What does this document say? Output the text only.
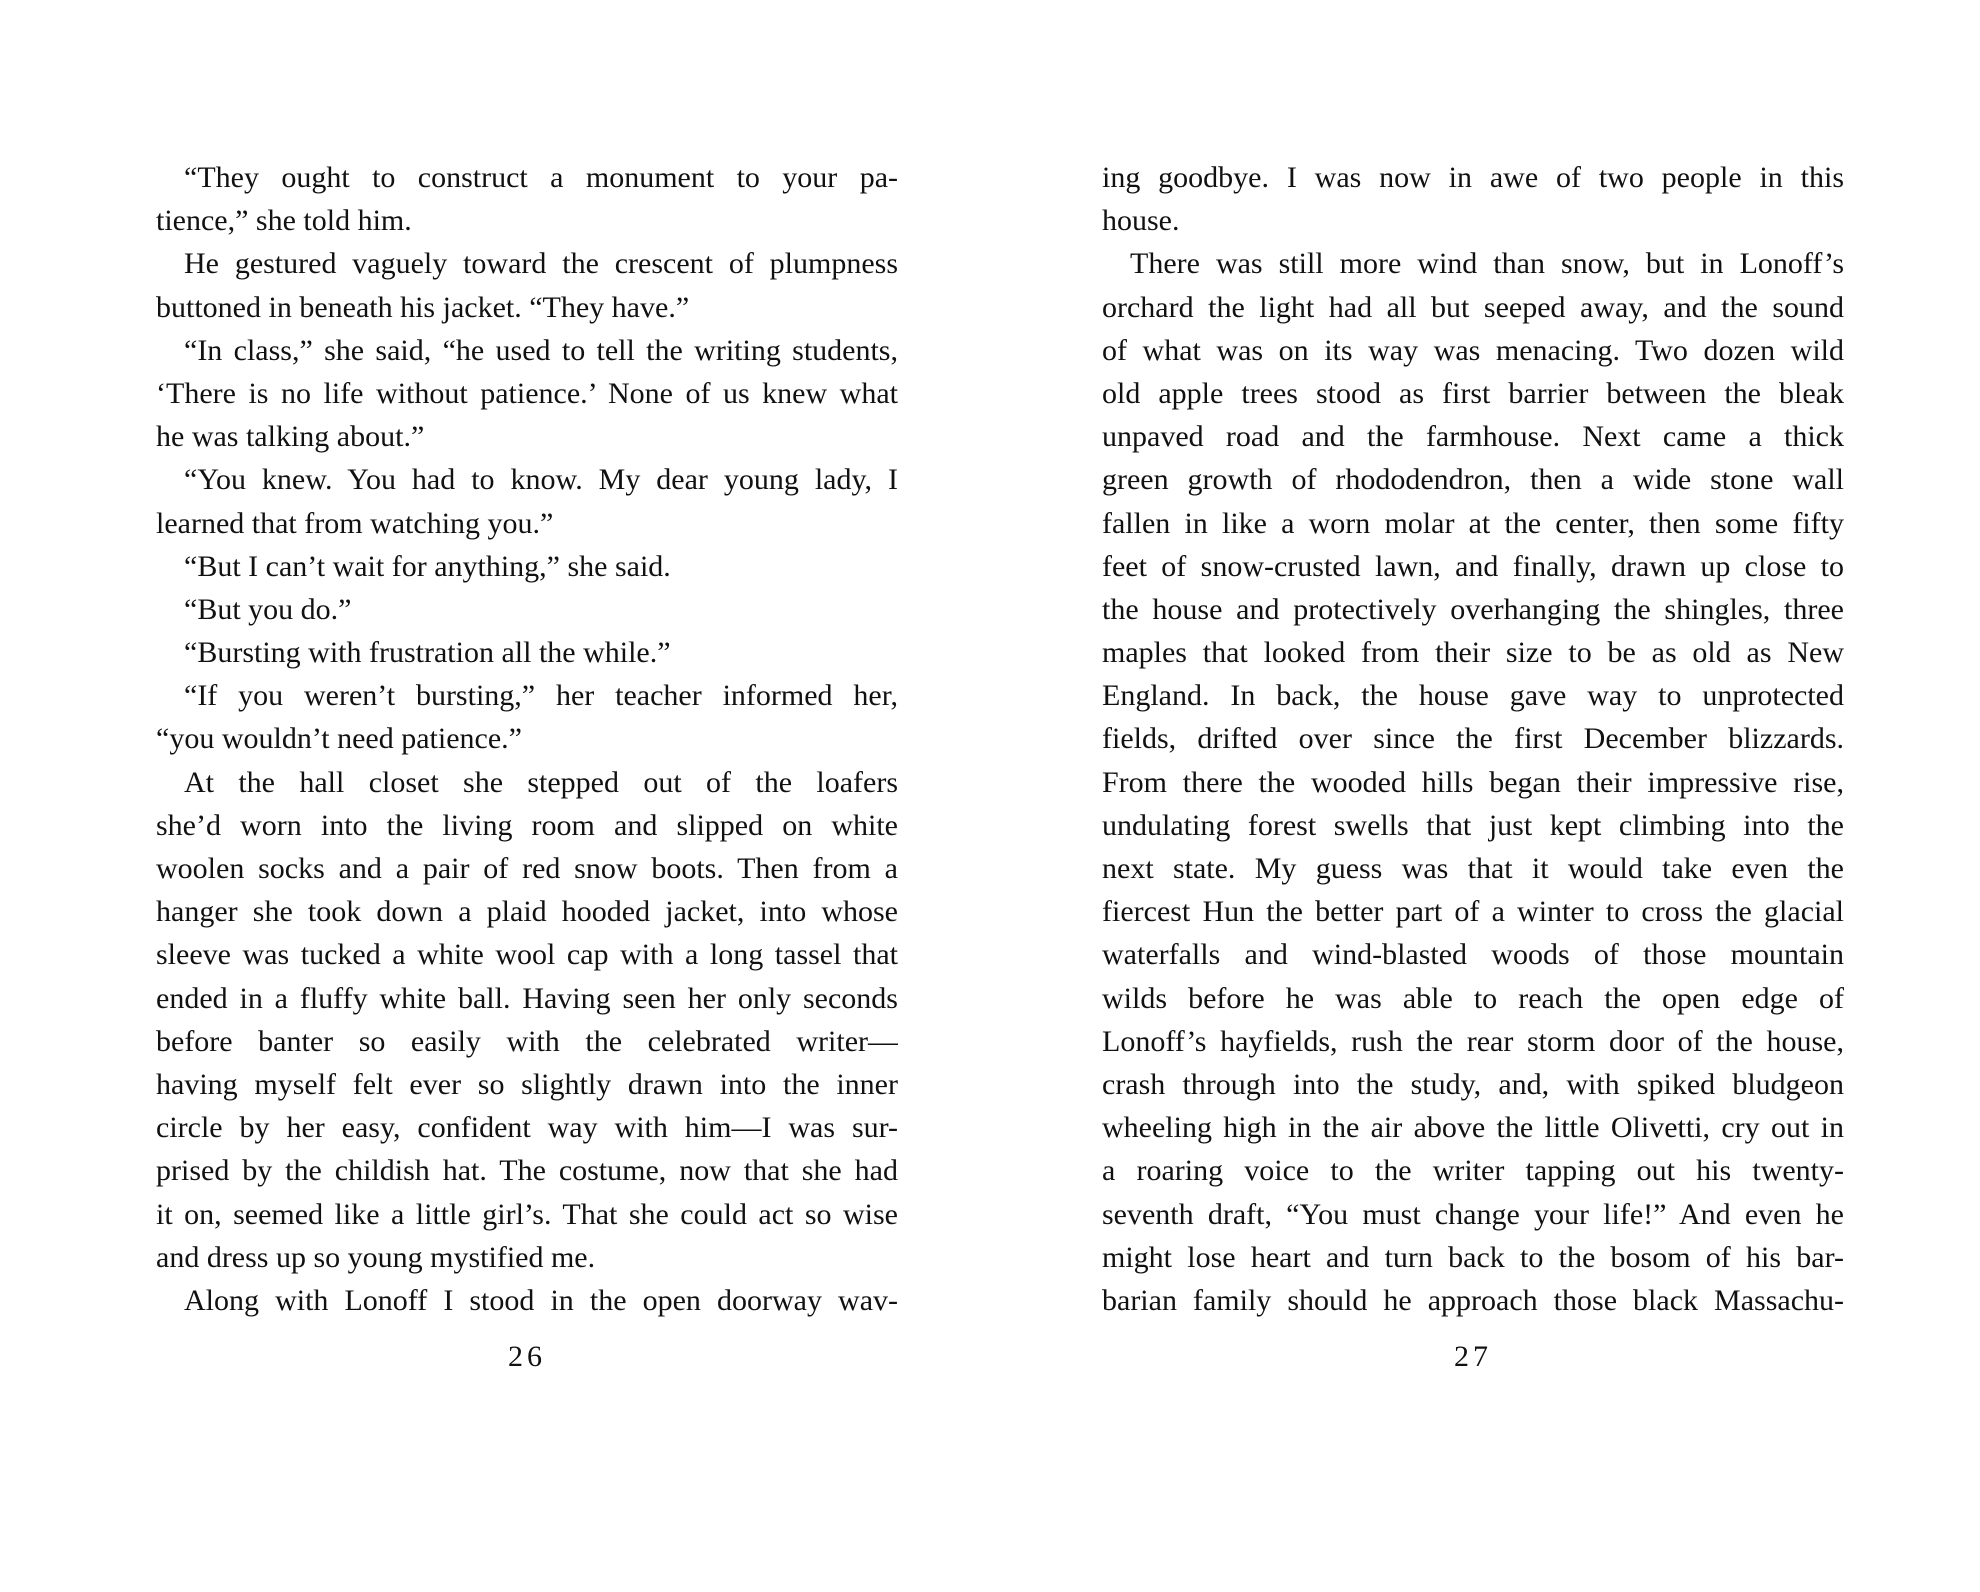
“They ought to construct a monument to your pa-
tience,” she told him.
He gestured vaguely toward the crescent of plumpness
buttoned in beneath his jacket. “They have.”
“In class,” she said, “he used to tell the writing students,
‘There is no life without patience.’ None of us knew what
he was talking about.”
“You knew. You had to know. My dear young lady, I
learned that from watching you.”
“But I can’t wait for anything,” she said.
“But you do.”
“Bursting with frustration all the while.”
“If you weren’t bursting,” her teacher informed her,
“you wouldn’t need patience.”
At the hall closet she stepped out of the loafers
she’d worn into the living room and slipped on white
woolen socks and a pair of red snow boots. Then from a
hanger she took down a plaid hooded jacket, into whose
sleeve was tucked a white wool cap with a long tassel that
ended in a fluffy white ball. Having seen her only seconds
before banter so easily with the celebrated writer—
having myself felt ever so slightly drawn into the inner
circle by her easy, confident way with him—I was sur-
prised by the childish hat. The costume, now that she had
it on, seemed like a little girl’s. That she could act so wise
and dress up so young mystified me.
Along with Lonoff I stood in the open doorway wav-
26
ing goodbye. I was now in awe of two people in this
house.
There was still more wind than snow, but in Lonoff’s
orchard the light had all but seeped away, and the sound
of what was on its way was menacing. Two dozen wild
old apple trees stood as first barrier between the bleak
unpaved road and the farmhouse. Next came a thick
green growth of rhododendron, then a wide stone wall
fallen in like a worn molar at the center, then some fifty
feet of snow-crusted lawn, and finally, drawn up close to
the house and protectively overhanging the shingles, three
maples that looked from their size to be as old as New
England. In back, the house gave way to unprotected
fields, drifted over since the first December blizzards.
From there the wooded hills began their impressive rise,
undulating forest swells that just kept climbing into the
next state. My guess was that it would take even the
fiercest Hun the better part of a winter to cross the glacial
waterfalls and wind-blasted woods of those mountain
wilds before he was able to reach the open edge of
Lonoff’s hayfields, rush the rear storm door of the house,
crash through into the study, and, with spiked bludgeon
wheeling high in the air above the little Olivetti, cry out in
a roaring voice to the writer tapping out his twenty-
seventh draft, “You must change your life!” And even he
might lose heart and turn back to the bosom of his bar-
barian family should he approach those black Massachu-
27
